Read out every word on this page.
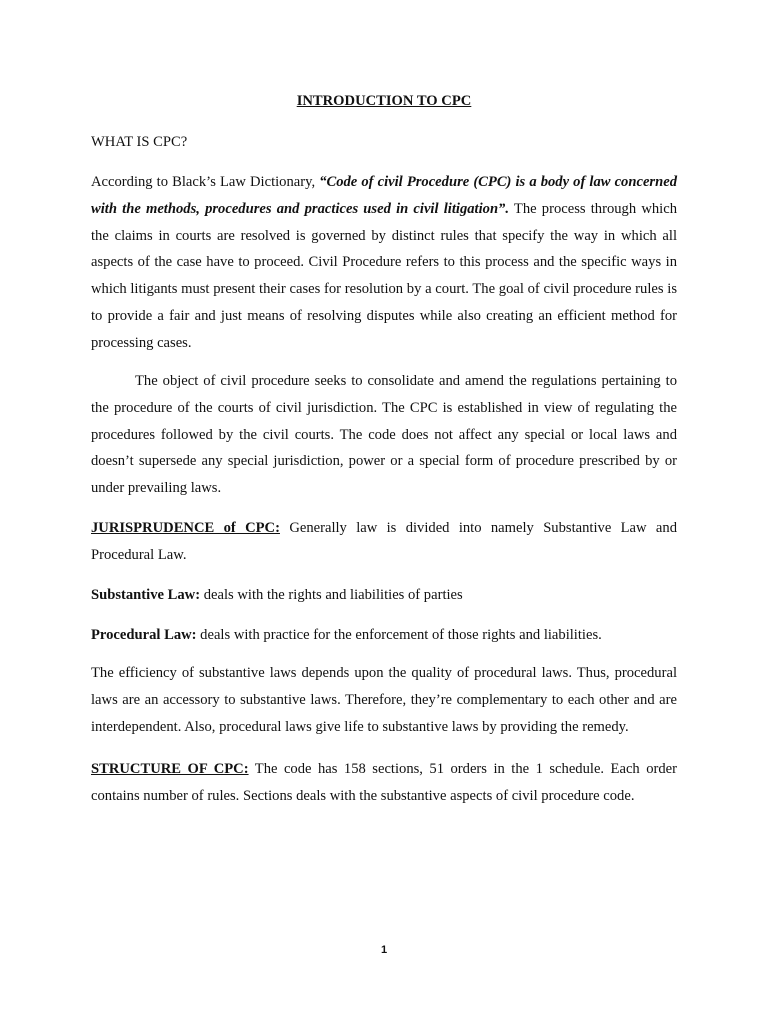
INTRODUCTION TO CPC
WHAT IS CPC?
According to Black’s Law Dictionary, “Code of civil Procedure (CPC) is a body of law concerned with the methods, procedures and practices used in civil litigation”. The process through which the claims in courts are resolved is governed by distinct rules that specify the way in which all aspects of the case have to proceed. Civil Procedure refers to this process and the specific ways in which litigants must present their cases for resolution by a court. The goal of civil procedure rules is to provide a fair and just means of resolving disputes while also creating an efficient method for processing cases.
The object of civil procedure seeks to consolidate and amend the regulations pertaining to the procedure of the courts of civil jurisdiction. The CPC is established in view of regulating the procedures followed by the civil courts. The code does not affect any special or local laws and doesn’t supersede any special jurisdiction, power or a special form of procedure prescribed by or under prevailing laws.
JURISPRUDENCE of CPC: Generally law is divided into namely Substantive Law and Procedural Law.
Substantive Law: deals with the rights and liabilities of parties
Procedural Law: deals with practice for the enforcement of those rights and liabilities.
The efficiency of substantive laws depends upon the quality of procedural laws. Thus, procedural laws are an accessory to substantive laws. Therefore, they’re complementary to each other and are interdependent. Also, procedural laws give life to substantive laws by providing the remedy.
STRUCTURE OF CPC: The code has 158 sections, 51 orders in the 1 schedule. Each order contains number of rules. Sections deals with the substantive aspects of civil procedure code.
1
